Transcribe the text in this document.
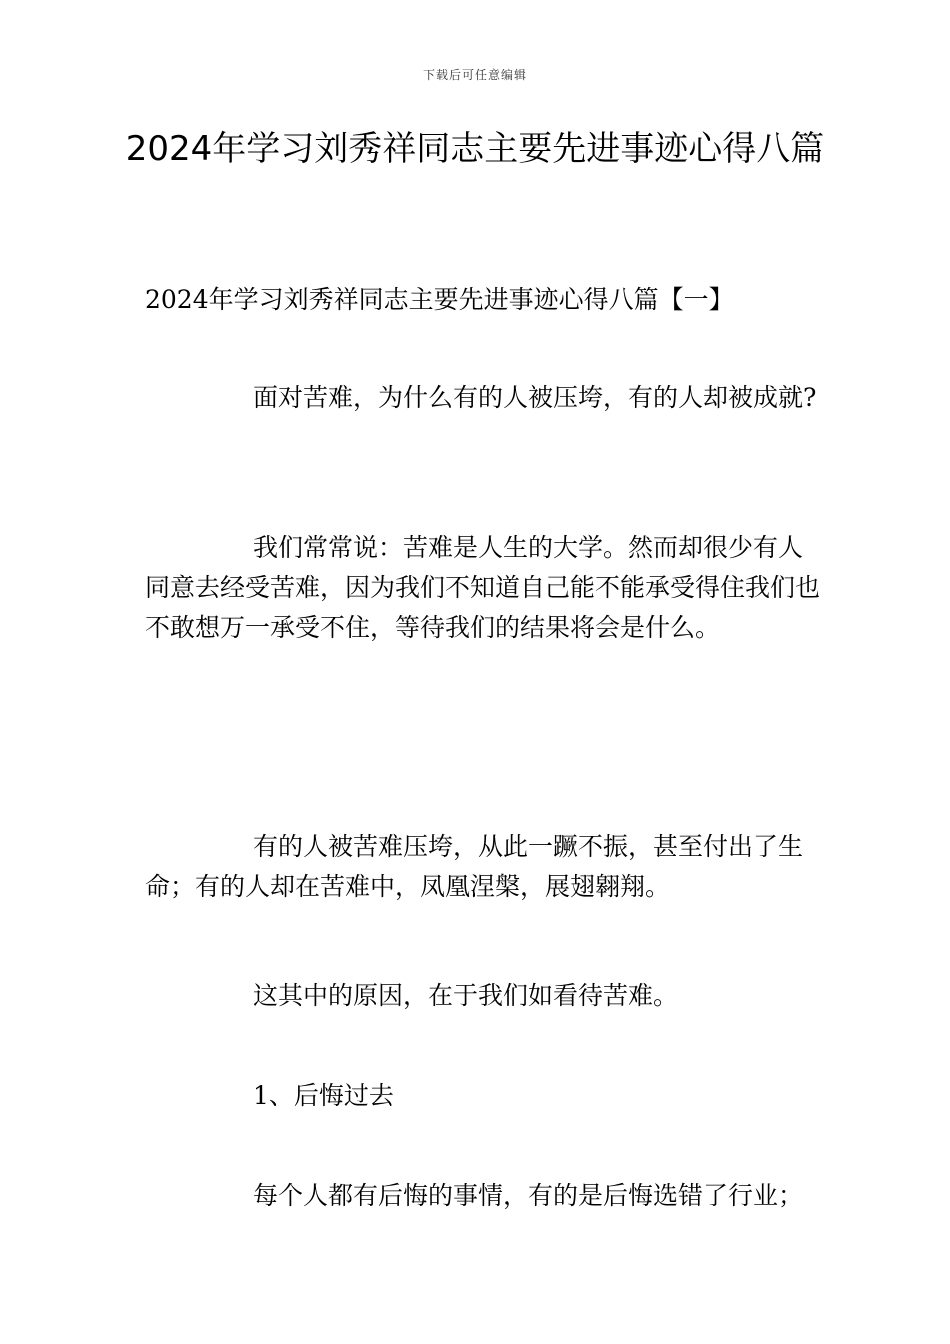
下载后可任意编辑
2024年学习刘秀祥同志主要先进事迹心得八篇

2024年学习刘秀祥同志主要先进事迹心得八篇【一】

面对苦难，为什么有的人被压垮，有的人却被成就?

我们常常说：苦难是人生的大学。然而却很少有人同意去经受苦难，因为我们不知道自己能不能承受得住我们也不敢想万一承受不住，等待我们的结果将会是什么。

有的人被苦难压垮，从此一蹶不振，甚至付出了生命；有的人却在苦难中，凤凰涅槃，展翅翱翔。

这其中的原因，在于我们如看待苦难。

1、后悔过去

每个人都有后悔的事情，有的是后悔选错了行业；
